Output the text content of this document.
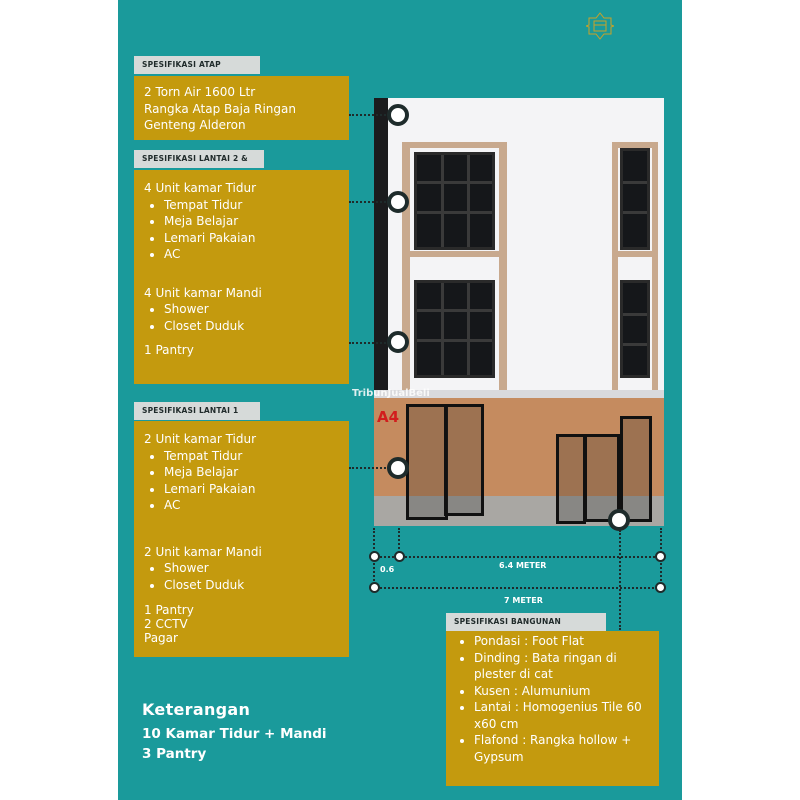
SPESIFIKASI ATAP
2 Torn Air 1600 Ltr
Rangka Atap Baja Ringan
Genteng Alderon
SPESIFIKASI LANTAI 2 &
4 Unit kamar Tidur
• Tempat Tidur
• Meja Belajar
• Lemari Pakaian
• AC
4 Unit kamar Mandi
• Shower
• Closet Duduk
1 Pantry
SPESIFIKASI LANTAI 1
2 Unit kamar Tidur
• Tempat Tidur
• Meja Belajar
• Lemari Pakaian
• AC
2 Unit kamar Mandi
• Shower
• Closet Duduk
1 Pantry
2 CCTV
Pagar
A4
TribunJualBeli
0.6	6.4 METER
7 METER
SPESIFIKASI BANGUNAN
• Pondasi : Foot Flat
• Dinding : Bata ringan di plester di cat
• Kusen : Alumunium
• Lantai : Homogenius Tile 60 x60 cm
• Flafond : Rangka hollow + Gypsum
Keterangan
10 Kamar Tidur + Mandi
3 Pantry
